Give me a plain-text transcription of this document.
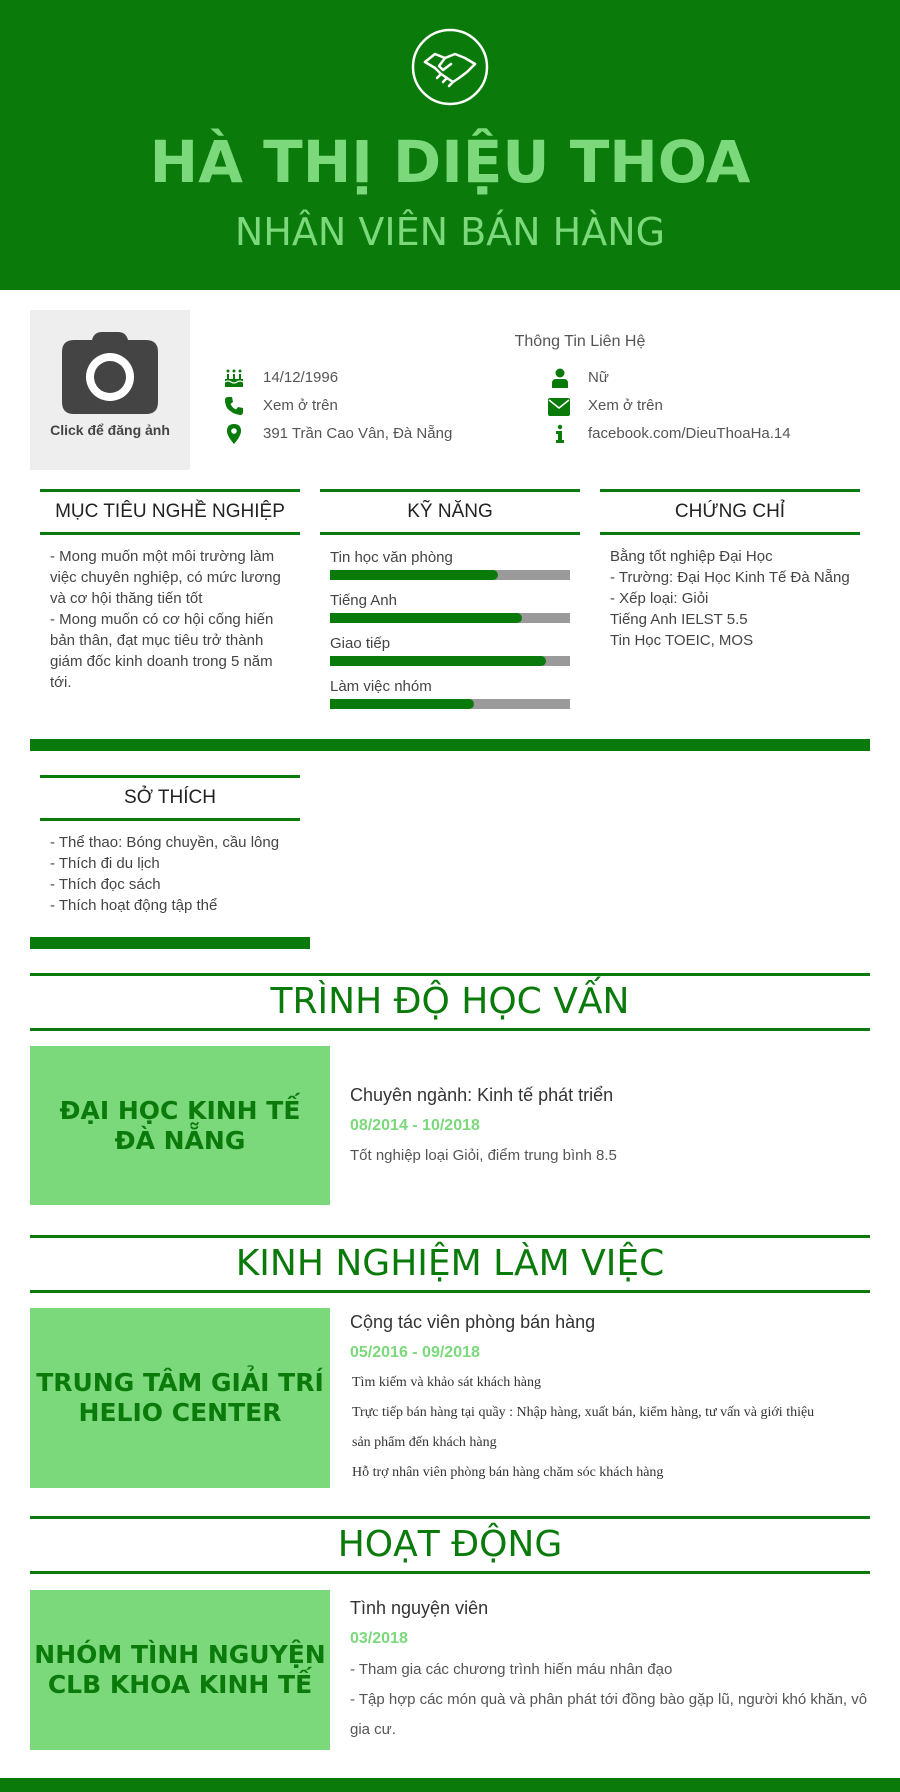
HÀ THỊ DIỆU THOA
NHÂN VIÊN BÁN HÀNG
Click để đăng ảnh
Thông Tin Liên Hệ
14/12/1996
Xem ở trên
391 Trần Cao Vân, Đà Nẵng
Nữ
Xem ở trên
facebook.com/DieuThoaHa.14
MỤC TIÊU NGHỀ NGHIỆP
- Mong muốn một môi trường làm
việc chuyên nghiệp, có mức lương
và cơ hội thăng tiến tốt
- Mong muốn có cơ hội cống hiến
bản thân, đạt mục tiêu trở thành
giám đốc kinh doanh trong 5 năm
tới.
KỸ NĂNG
Tin học văn phòng
Tiếng Anh
Giao tiếp
Làm việc nhóm
CHỨNG CHỈ
Bằng tốt nghiệp Đại Học
- Trường: Đại Học Kinh Tế Đà Nẵng
- Xếp loại: Giỏi
Tiếng Anh IELST 5.5
Tin Học TOEIC, MOS
SỞ THÍCH
- Thể thao: Bóng chuyền, cầu lông
- Thích đi du lịch
- Thích đọc sách
- Thích hoạt động tập thể
TRÌNH ĐỘ HỌC VẤN
ĐẠI HỌC KINH TẾ
ĐÀ NẴNG
Chuyên ngành: Kinh tế phát triển
08/2014 - 10/2018
Tốt nghiệp loại Giỏi, điểm trung bình 8.5
KINH NGHIỆM LÀM VIỆC
TRUNG TÂM GIẢI TRÍ
HELIO CENTER
Cộng tác viên phòng bán hàng
05/2016 - 09/2018
Tìm kiếm và khảo sát khách hàng
Trực tiếp bán hàng tại quầy : Nhập hàng, xuất bán, kiểm hàng, tư vấn và giới thiệu
sản phẩm đến khách hàng
Hỗ trợ nhân viên phòng bán hàng chăm sóc khách hàng
HOẠT ĐỘNG
NHÓM TÌNH NGUYỆN
CLB KHOA KINH TẾ
Tình nguyện viên
03/2018
- Tham gia các chương trình hiến máu nhân đạo
- Tập hợp các món quà và phân phát tới đồng bào gặp lũ, người khó khăn, vô
gia cư.
